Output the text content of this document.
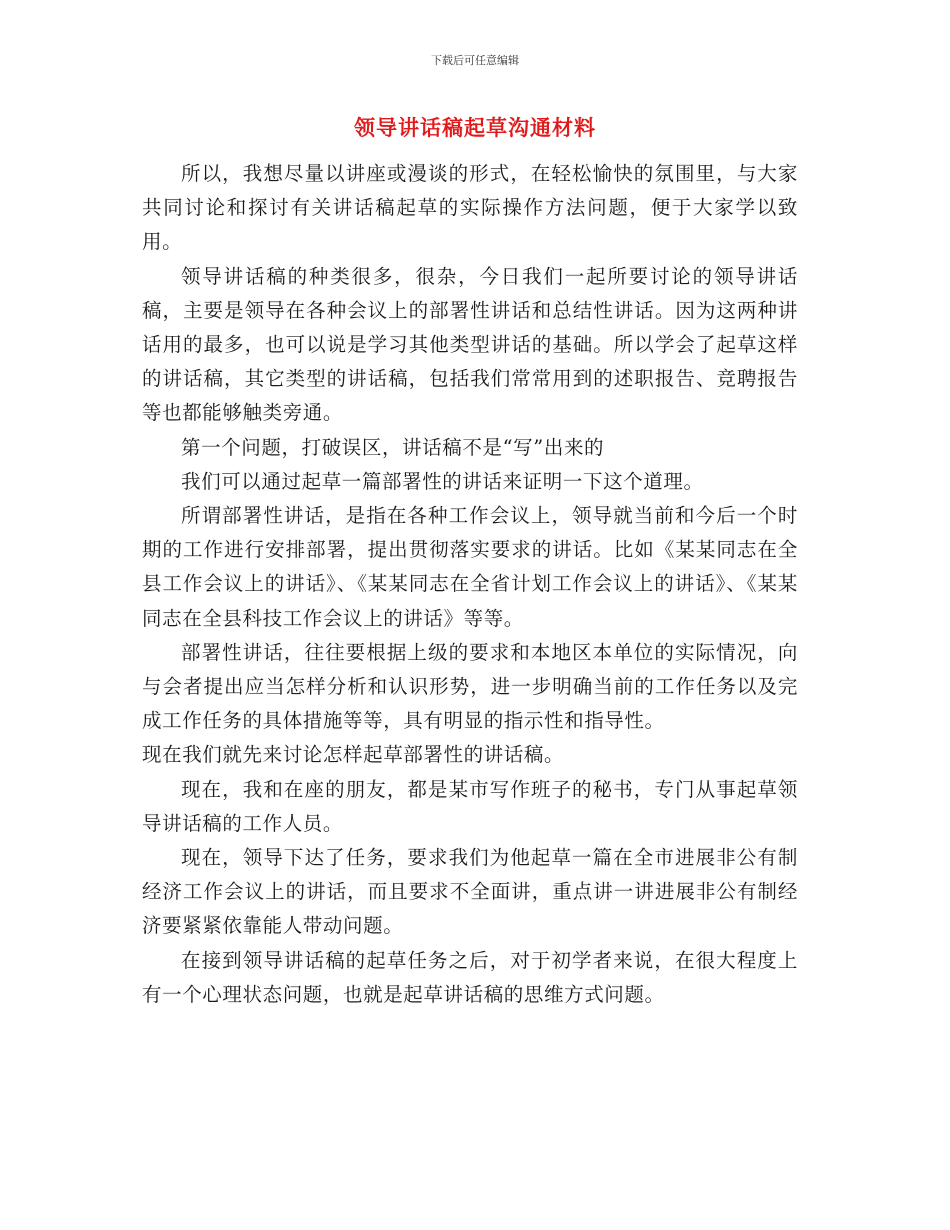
下载后可任意编辑
领导讲话稿起草沟通材料

所以，我想尽量以讲座或漫谈的形式，在轻松愉快的氛围里，与大家共同讨论和探讨有关讲话稿起草的实际操作方法问题，便于大家学以致用。

领导讲话稿的种类很多，很杂，今日我们一起所要讨论的领导讲话稿，主要是领导在各种会议上的部署性讲话和总结性讲话。因为这两种讲话用的最多，也可以说是学习其他类型讲话的基础。所以学会了起草这样的讲话稿，其它类型的讲话稿，包括我们常常用到的述职报告、竞聘报告等也都能够触类旁通。

第一个问题，打破误区，讲话稿不是“写”出来的

我们可以通过起草一篇部署性的讲话来证明一下这个道理。

所谓部署性讲话，是指在各种工作会议上，领导就当前和今后一个时期的工作进行安排部署，提出贯彻落实要求的讲话。比如《某某同志在全县工作会议上的讲话》、《某某同志在全省计划工作会议上的讲话》、《某某同志在全县科技工作会议上的讲话》等等。

部署性讲话，往往要根据上级的要求和本地区本单位的实际情况，向与会者提出应当怎样分析和认识形势，进一步明确当前的工作任务以及完成工作任务的具体措施等等，具有明显的指示性和指导性。

现在我们就先来讨论怎样起草部署性的讲话稿。

现在，我和在座的朋友，都是某市写作班子的秘书，专门从事起草领导讲话稿的工作人员。

现在，领导下达了任务，要求我们为他起草一篇在全市进展非公有制经济工作会议上的讲话，而且要求不全面讲，重点讲一讲进展非公有制经济要紧紧依靠能人带动问题。

在接到领导讲话稿的起草任务之后，对于初学者来说，在很大程度上有一个心理状态问题，也就是起草讲话稿的思维方式问题。
